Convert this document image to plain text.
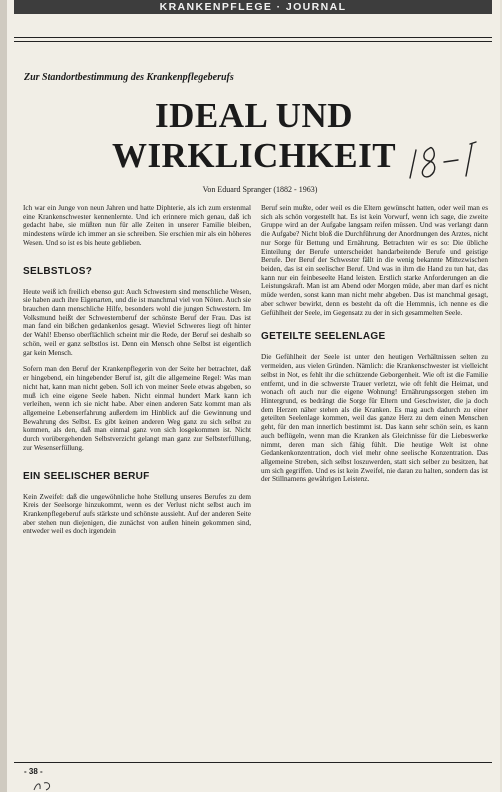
KRANKENPFLEGE · JOURNAL
Zur Standortbestimmung des Krankenpflegeberufs
IDEAL UND
WIRKLICHKEIT
Von Eduard Spranger (1882 - 1963)

Ich war ein Junge von neun Jahren und hatte Diphterie, als ich zum erstenmal eine Krankenschwester kennenlernte. Und ich erinnere mich genau, daß ich gedacht habe, sie müßten nun für alle Zeiten in unserer Familie bleiben, mindestens würde ich immer an sie schreiben. Sie erschien mir als ein höheres Wesen. Und so ist es bis heute geblieben.

SELBSTLOS?

Heute weiß ich freilich ebenso gut: Auch Schwestern sind menschliche Wesen, sie haben auch ihre Eigenarten, und die ist manchmal viel von Nöten. Auch sie brauchen dann menschliche Hilfe, besonders wohl die jungen Schwestern. Im Volksmund heißt der Schwesternberuf der schönste Beruf der Frau. Das ist man fand ein bißchen gedankenlos gesagt. Wieviel Schweres liegt oft hinter der Wahl! Ebenso oberflächlich scheint mir die Rede, der Beruf sei deshalb so schön, weil er ganz selbstlos ist. Denn ein Mensch ohne Selbst ist eigentlich gar kein Mensch.

Sofern man den Beruf der Krankenpflegerin von der Seite her betrachtet, daß er hingebend, ein hingebender Beruf ist, gilt die allgemeine Regel: Was man nicht hat, kann man nicht geben. Soll ich von meiner Seele etwas abgeben, so muß ich eine eigene Seele haben. Nicht einmal hundert Mark kann ich verleihen, wenn ich sie nicht habe. Aber einen anderen Satz kommt man als allgemeine Lebenserfahrung außerdem im Hinblick auf die Gewinnung und Bewahrung des Selbst. Es gibt keinen anderen Weg ganz zu sich selbst zu kommen, als den, daß man einmal ganz von sich losgekommen ist. Nicht durch vorübergehenden Selbstverzicht gelangt man ganz zur Selbsterfüllung, zur Wesenserfüllung.

EIN SEELISCHER BERUF

Kein Zweifel: daß die ungewöhnliche hohe Stellung unseres Berufes zu dem Kreis der Seelsorge hinzukommt, wenn es der Verlust nicht selbst auch im Krankenpflegeberuf aufs stärkste und schönste aussieht. Auf der anderen Seite aber stehen nun diejenigen, die zunächst von außen hinein gekommen sind, entweder weil es doch irgendein

Beruf sein mußte, oder weil es die Eltern gewünscht hatten, oder weil man es sich als schön vorgestellt hat. Es ist kein Vorwurf, wenn ich sage, die zweite Gruppe wird an der Aufgabe langsam reifen müssen. Und was verlangt dann die Aufgabe? Nicht bloß die Durchführung der Anordnungen des Arztes, nicht nur Sorge für Bettung und Ernährung. Betrachten wir es so: Die übliche Einteilung der Berufe unterscheidet handarbeitende Berufe und geistige Berufe. Der Beruf der Schwester fällt in die wenig bekannte Mittezwischen beiden, das ist ein seelischer Beruf. Und was in ihm die Hand zu tun hat, das kann nur ein feinbeseelte Hand leisten. Erstlich starke Anforderungen an die Leistungskraft. Man ist am Abend oder Morgen müde, aber man darf es nicht müde werden, sonst kann man nicht mehr abgeben. Das ist manchmal gesagt, aber schwer bewirkt, denn es besteht da oft die Hemmnis, ich nenne es die Gefühlheit der Seele, im Gegensatz zu der in sich gesammelten Seele.

GETEILTE SEELENLAGE

Die Gefühlheit der Seele ist unter den heutigen Verhältnissen selten zu vermeiden, aus vielen Gründen. Nämlich: die Krankenschwester ist vielleicht selbst in Not, es fehlt ihr die schützende Geborgenheit. Wie oft ist die Familie entfernt, und in die schwerste Trauer verletzt, wie oft fehlt die Heimat, und wonach oft auch nur die eigene Wohnung! Ernährungssorgen stehen im Hintergrund, es bedrängt die Sorge für Eltern und Geschwister, die ja doch dem Herzen näher stehen als die Kranken. Es mag auch dadurch zu einer geteilten Seelenlage kommen, weil das ganze Herz zu dem einen Menschen geht, für den man innerlich bestimmt ist. Das kann sehr schön sein, es kann auch beflügeln, wenn man die Kranken als Gleichnisse für die Liebeswerke nimmt, deren man sich fähig fühlt. Die heutige Welt ist ohne Gedankenkonzentration, doch viel mehr ohne seelische Konzentration. Das allgemeine Streben, sich selbst loszuwerden, statt sich selber zu besitzen, hat um sich gegriffen. Und es ist kein Zweifel, nie daran zu halten, sondern das ist der Stillnamens gewährigen Leistenz.

- 38 -
